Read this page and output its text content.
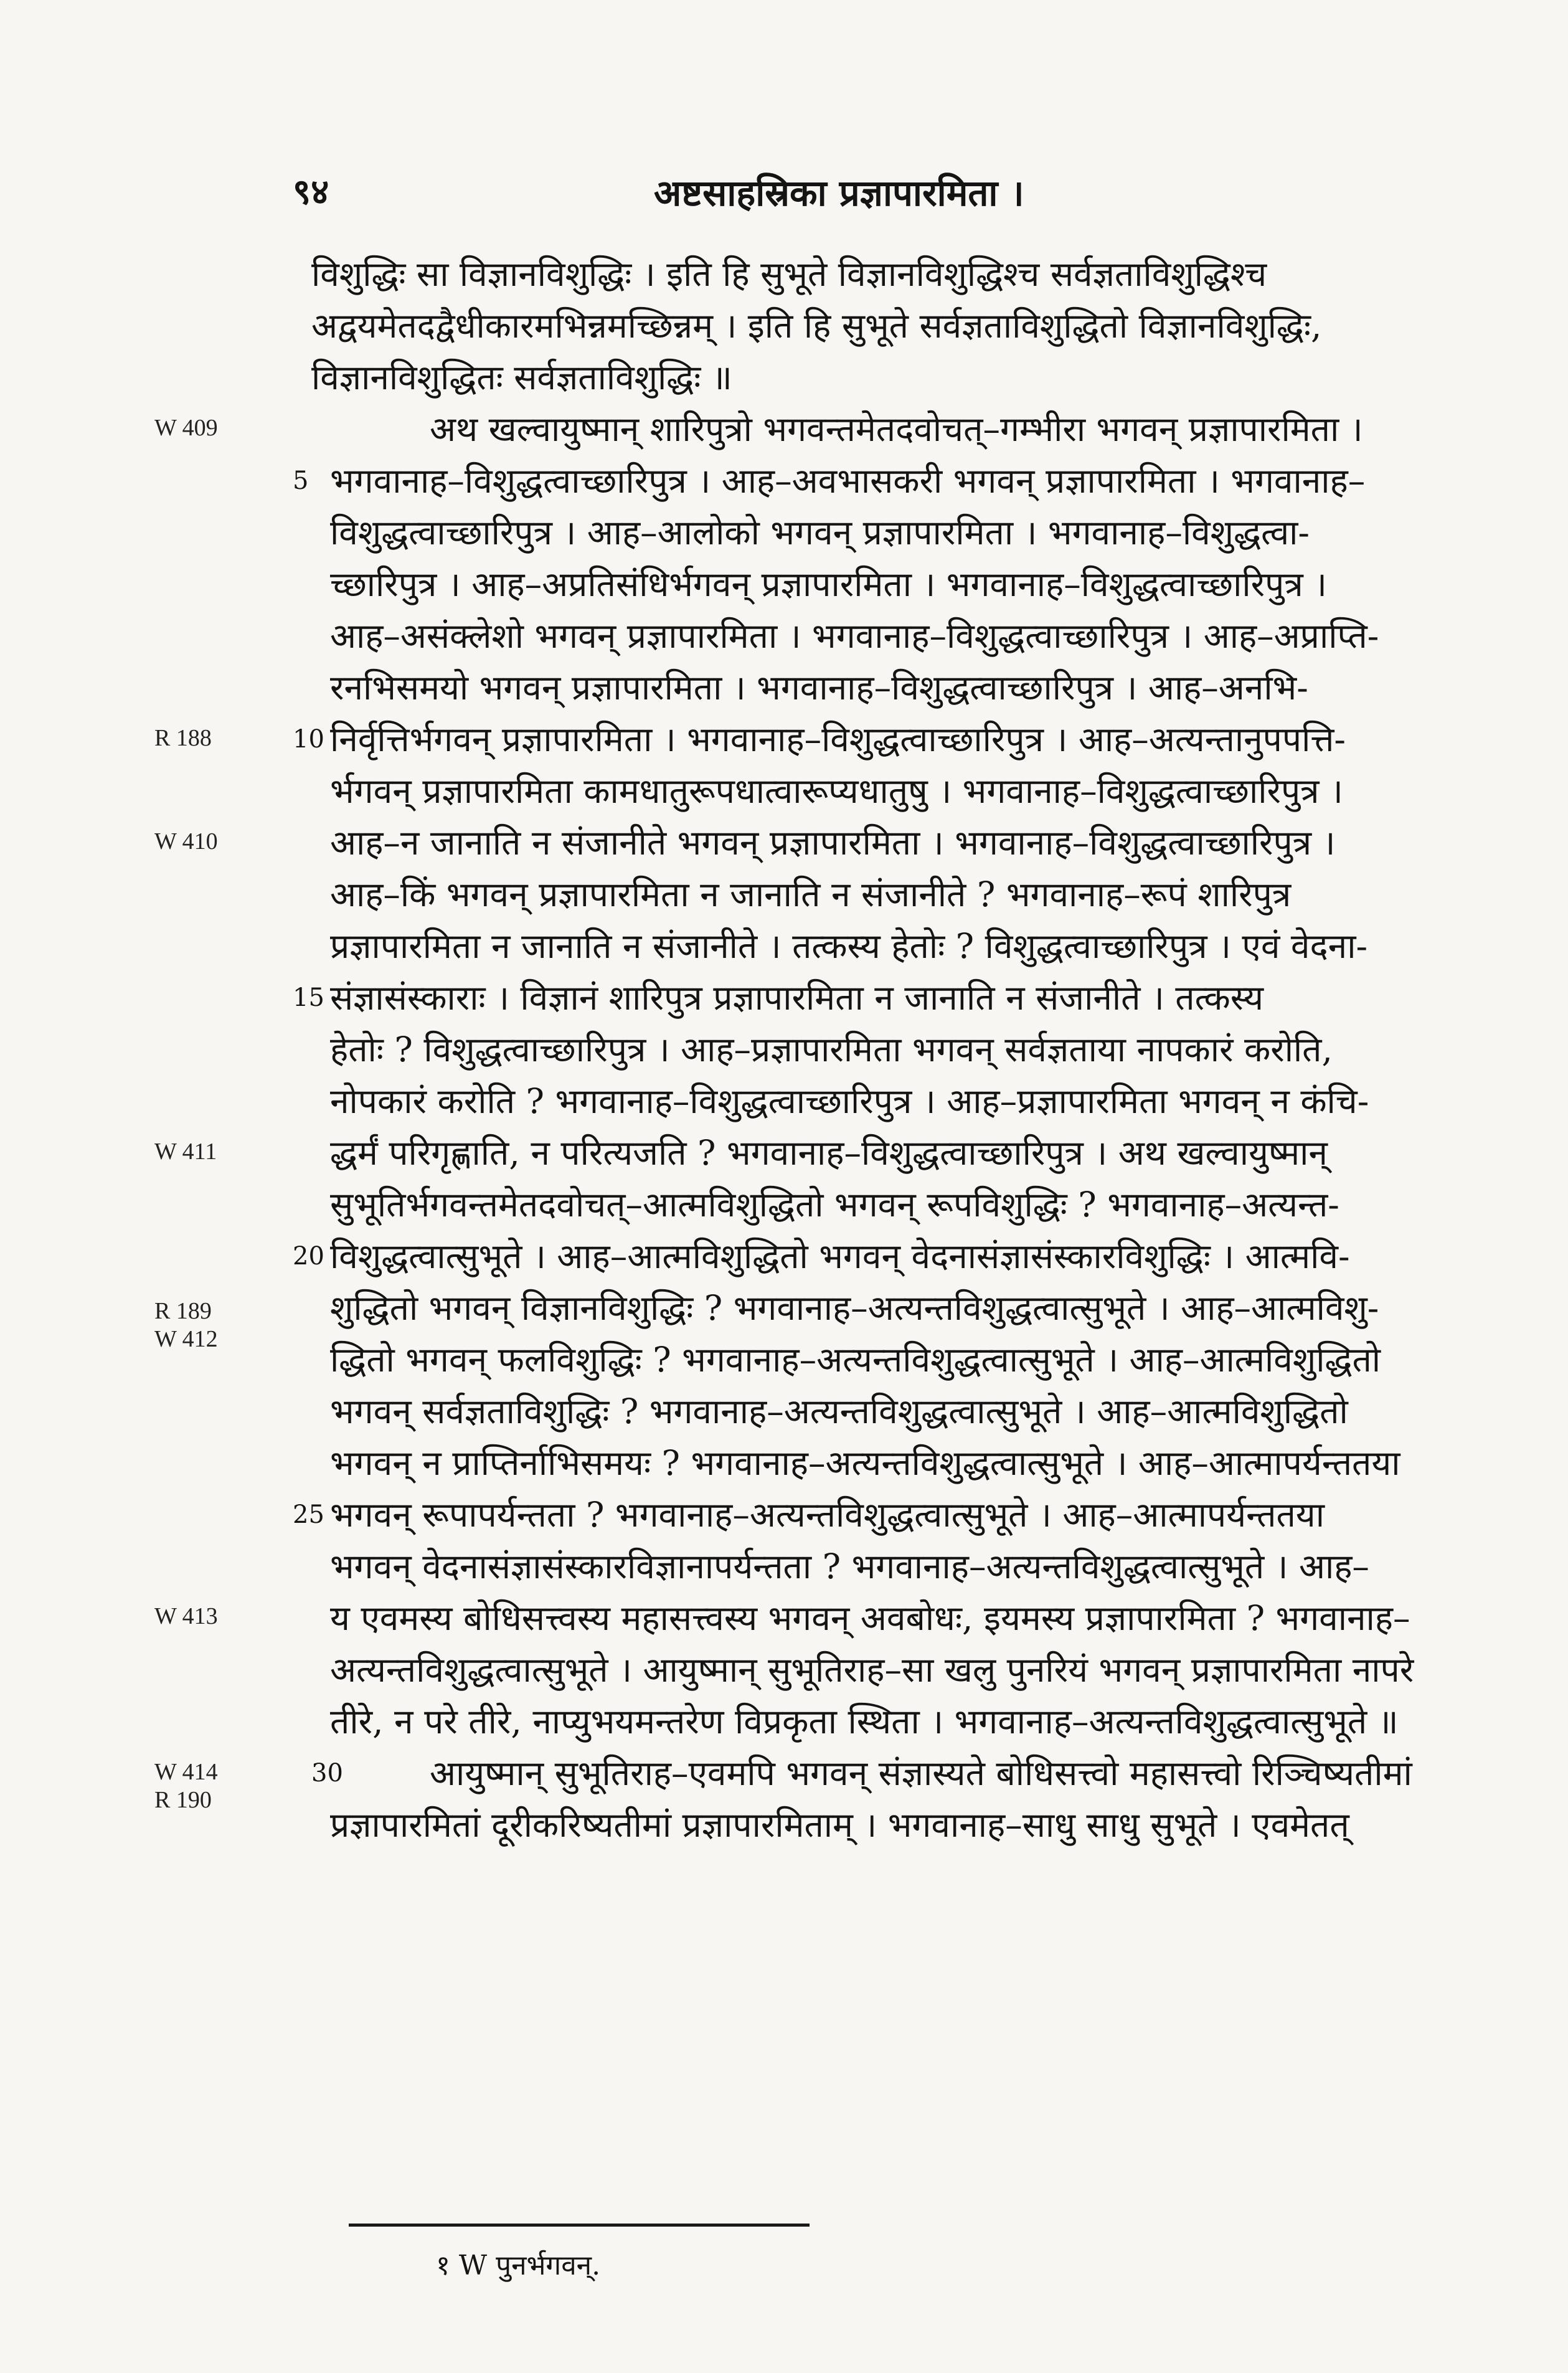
९४	अष्टसाहस्रिका प्रज्ञापारमिता ।
विशुद्धिः सा विज्ञानविशुद्धिः । इति हि सुभूते विज्ञानविशुद्धिश्च सर्वज्ञताविशुद्धिश्च
अद्वयमेतदद्वैधीकारमभिन्नमच्छिन्नम् । इति हि सुभूते सर्वज्ञताविशुद्धितो विज्ञानविशुद्धिः,
विज्ञानविशुद्धितः सर्वज्ञताविशुद्धिः ॥
अथ खल्वायुष्मान् शारिपुत्रो भगवन्तमेतदवोचत्–गम्भीरा भगवन् प्रज्ञापारमिता ।
भगवानाह–विशुद्धत्वाच्छारिपुत्र । आह–अवभासकरी भगवन् प्रज्ञापारमिता । भगवानाह–
विशुद्धत्वाच्छारिपुत्र । आह–आलोको भगवन् प्रज्ञापारमिता । भगवानाह–विशुद्धत्वा-
च्छारिपुत्र । आह–अप्रतिसंधिर्भगवन् प्रज्ञापारमिता । भगवानाह–विशुद्धत्वाच्छारिपुत्र ।
आह–असंक्लेशो भगवन् प्रज्ञापारमिता । भगवानाह–विशुद्धत्वाच्छारिपुत्र । आह–अप्राप्ति-
रनभिसमयो भगवन् प्रज्ञापारमिता । भगवानाह–विशुद्धत्वाच्छारिपुत्र । आह–अनभि-
निर्वृत्तिर्भगवन् प्रज्ञापारमिता । भगवानाह–विशुद्धत्वाच्छारिपुत्र । आह–अत्यन्तानुपपत्ति-
र्भगवन् प्रज्ञापारमिता कामधातुरूपधात्वारूप्यधातुषु । भगवानाह–विशुद्धत्वाच्छारिपुत्र ।
आह–न जानाति न संजानीते भगवन् प्रज्ञापारमिता । भगवानाह–विशुद्धत्वाच्छारिपुत्र ।
आह–किं भगवन् प्रज्ञापारमिता न जानाति न संजानीते ? भगवानाह–रूपं शारिपुत्र
प्रज्ञापारमिता न जानाति न संजानीते । तत्कस्य हेतोः ? विशुद्धत्वाच्छारिपुत्र । एवं वेदना-
संज्ञासंस्काराः । विज्ञानं शारिपुत्र प्रज्ञापारमिता न जानाति न संजानीते । तत्कस्य
हेतोः ? विशुद्धत्वाच्छारिपुत्र । आह–प्रज्ञापारमिता भगवन् सर्वज्ञताया नापकारं करोति,
नोपकारं करोति ? भगवानाह–विशुद्धत्वाच्छारिपुत्र । आह–प्रज्ञापारमिता भगवन् न कंचि-
द्धर्मं परिगृह्णाति, न परित्यजति ? भगवानाह–विशुद्धत्वाच्छारिपुत्र । अथ खल्वायुष्मान्
सुभूतिर्भगवन्तमेतदवोचत्–आत्मविशुद्धितो भगवन् रूपविशुद्धिः ? भगवानाह–अत्यन्त-
विशुद्धत्वात्सुभूते । आह–आत्मविशुद्धितो भगवन् वेदनासंज्ञासंस्कारविशुद्धिः । आत्मवि-
शुद्धितो भगवन् विज्ञानविशुद्धिः ? भगवानाह–अत्यन्तविशुद्धत्वात्सुभूते । आह–आत्मविशु-
द्धितो भगवन् फलविशुद्धिः ? भगवानाह–अत्यन्तविशुद्धत्वात्सुभूते । आह–आत्मविशुद्धितो
भगवन् सर्वज्ञताविशुद्धिः ? भगवानाह–अत्यन्तविशुद्धत्वात्सुभूते । आह–आत्मविशुद्धितो
भगवन् न प्राप्तिर्नाभिसमयः ? भगवानाह–अत्यन्तविशुद्धत्वात्सुभूते । आह–आत्मापर्यन्ततया
भगवन् रूपापर्यन्तता ? भगवानाह–अत्यन्तविशुद्धत्वात्सुभूते । आह–आत्मापर्यन्ततया
भगवन् वेदनासंज्ञासंस्कारविज्ञानापर्यन्तता ? भगवानाह–अत्यन्तविशुद्धत्वात्सुभूते । आह–
य एवमस्य बोधिसत्त्वस्य महासत्त्वस्य भगवन् अवबोधः, इयमस्य प्रज्ञापारमिता ? भगवानाह–
अत्यन्तविशुद्धत्वात्सुभूते । आयुष्मान् सुभूतिराह–सा खलु पुनरियं भगवन् प्रज्ञापारमिता नापरे
तीरे, न परे तीरे, नाप्युभयमन्तरेण विप्रकृता स्थिता । भगवानाह–अत्यन्तविशुद्धत्वात्सुभूते ॥
आयुष्मान् सुभूतिराह–एवमपि भगवन् संज्ञास्यते बोधिसत्त्वो महासत्त्वो रिञ्चिष्यतीमां
प्रज्ञापारमितां दूरीकरिष्यतीमां प्रज्ञापारमिताम् । भगवानाह–साधु साधु सुभूते । एवमेतत्
5
10
15
20
25
30
W 409
R 188
W 410
W 411
R 189
W 412
W 413
W 414
R 190
१ W पुनर्भगवन्.
